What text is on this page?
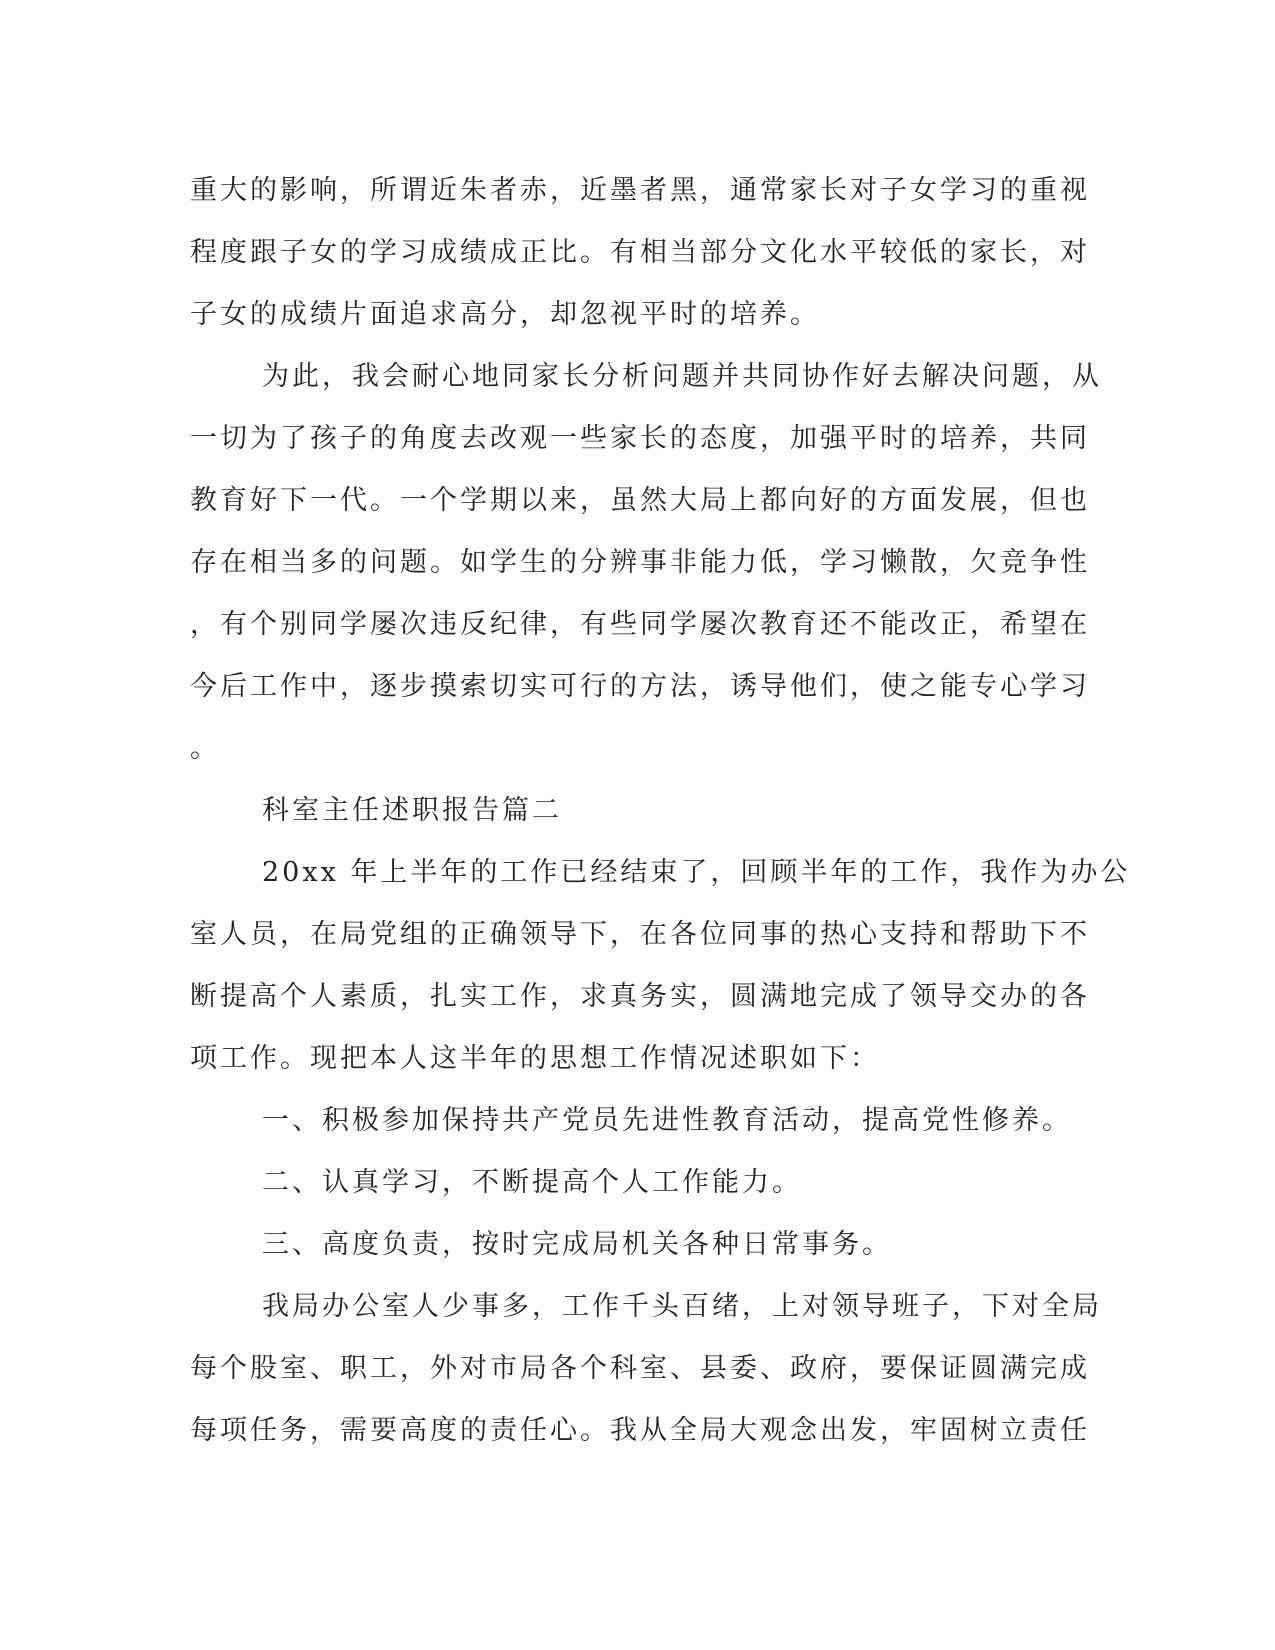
重大的影响，所谓近朱者赤，近墨者黑，通常家长对子女学习的重视
程度跟子女的学习成绩成正比。有相当部分文化水平较低的家长，对
子女的成绩片面追求高分，却忽视平时的培养。
为此，我会耐心地同家长分析问题并共同协作好去解决问题，从
一切为了孩子的角度去改观一些家长的态度，加强平时的培养，共同
教育好下一代。一个学期以来，虽然大局上都向好的方面发展，但也
存在相当多的问题。如学生的分辨事非能力低，学习懒散，欠竞争性
，有个别同学屡次违反纪律，有些同学屡次教育还不能改正，希望在
今后工作中，逐步摸索切实可行的方法，诱导他们，使之能专心学习
。
科室主任述职报告篇二
20xx 年上半年的工作已经结束了，回顾半年的工作，我作为办公
室人员，在局党组的正确领导下，在各位同事的热心支持和帮助下不
断提高个人素质，扎实工作，求真务实，圆满地完成了领导交办的各
项工作。现把本人这半年的思想工作情况述职如下：
一、积极参加保持共产党员先进性教育活动，提高党性修养。
二、认真学习，不断提高个人工作能力。
三、高度负责，按时完成局机关各种日常事务。
我局办公室人少事多，工作千头百绪，上对领导班子，下对全局
每个股室、职工，外对市局各个科室、县委、政府，要保证圆满完成
每项任务，需要高度的责任心。我从全局大观念出发，牢固树立责任
